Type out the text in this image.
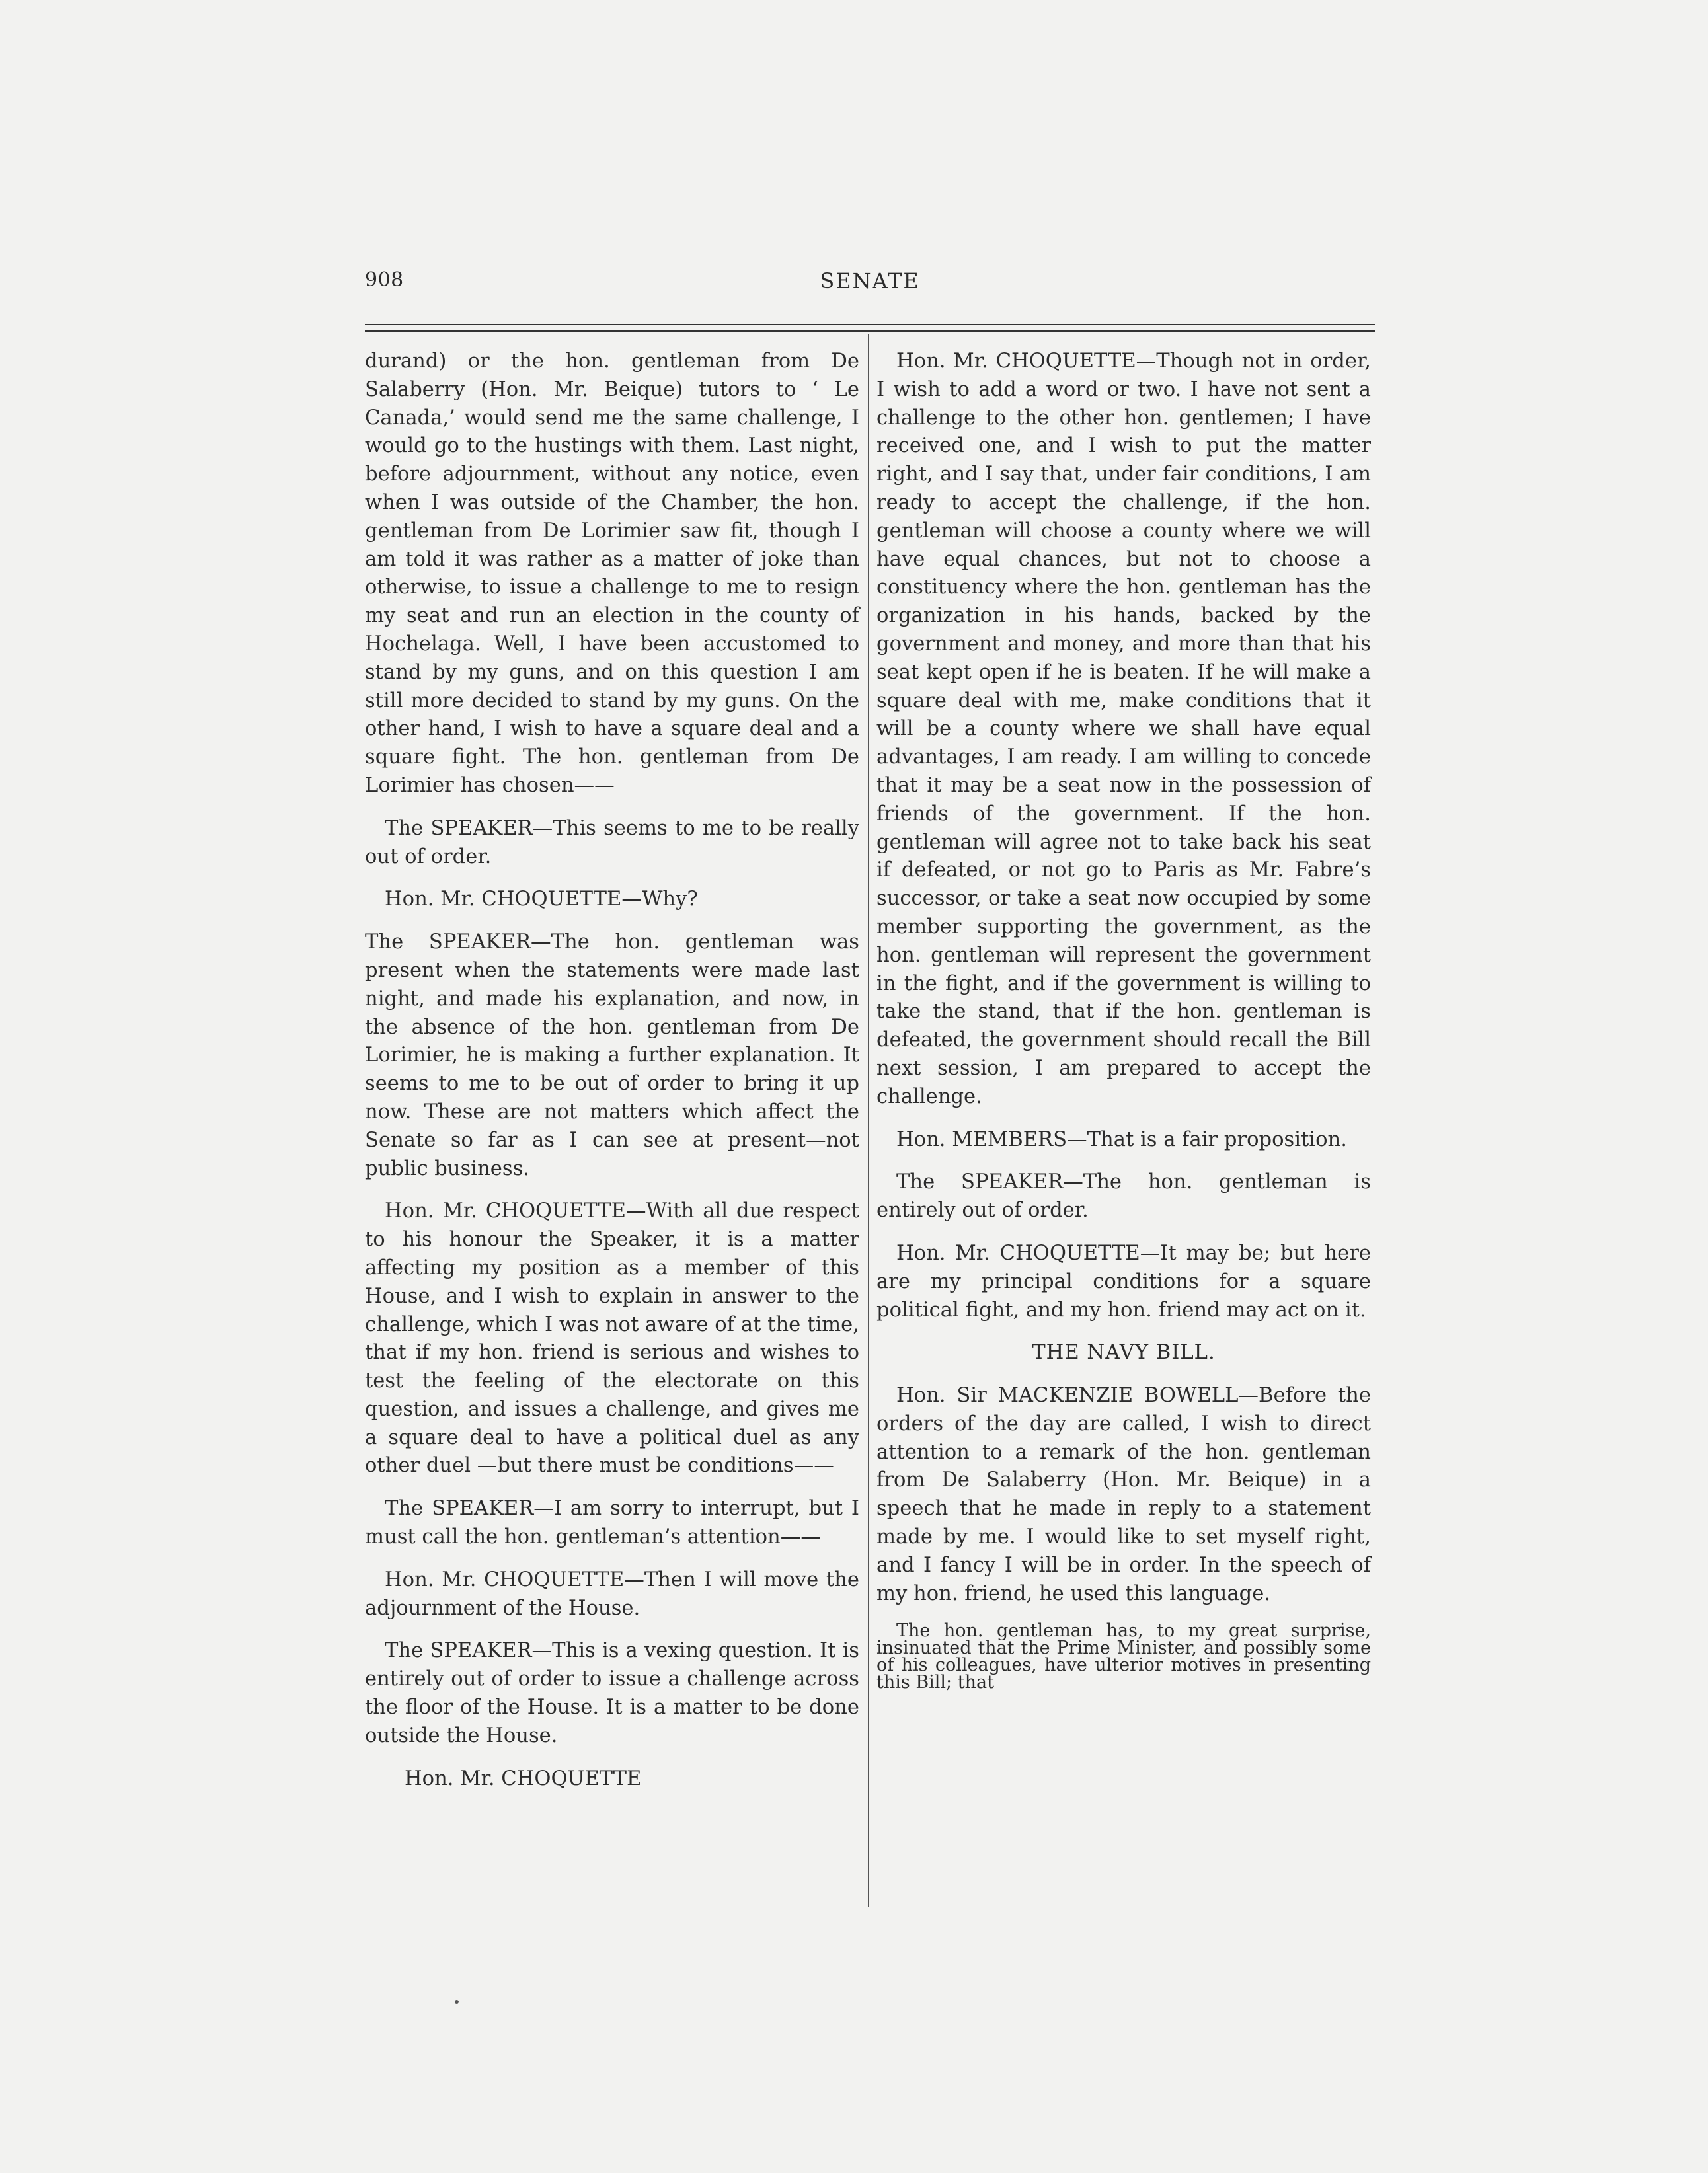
908	SENATE

durand) or the hon. gentleman from De Salaberry (Hon. Mr. Beique) tutors to ‘ Le Canada,’ would send me the same challenge, I would go to the hustings with them. Last night, before adjournment, without any notice, even when I was outside of the Chamber, the hon. gentleman from De Lorimier saw fit, though I am told it was rather as a matter of joke than otherwise, to issue a challenge to me to resign my seat and run an election in the county of Hochelaga. Well, I have been accustomed to stand by my guns, and on this question I am still more decided to stand by my guns. On the other hand, I wish to have a square deal and a square fight. The hon. gentleman from De Lorimier has chosen——

The SPEAKER—This seems to me to be really out of order.

Hon. Mr. CHOQUETTE—Why?

The SPEAKER—The hon. gentleman was present when the statements were made last night, and made his explanation, and now, in the absence of the hon. gentleman from De Lorimier, he is making a further explanation. It seems to me to be out of order to bring it up now. These are not matters which affect the Senate so far as I can see at present—not public business.

Hon. Mr. CHOQUETTE—With all due respect to his honour the Speaker, it is a matter affecting my position as a member of this House, and I wish to explain in answer to the challenge, which I was not aware of at the time, that if my hon. friend is serious and wishes to test the feeling of the electorate on this question, and issues a challenge, and gives me a square deal to have a political duel as any other duel —but there must be conditions——

The SPEAKER—I am sorry to interrupt, but I must call the hon. gentleman’s attention——

Hon. Mr. CHOQUETTE—Then I will move the adjournment of the House.

The SPEAKER—This is a vexing question. It is entirely out of order to issue a challenge across the floor of the House. It is a matter to be done outside the House.

Hon. Mr. CHOQUETTE

Hon. Mr. CHOQUETTE—Though not in order, I wish to add a word or two. I have not sent a challenge to the other hon. gentlemen; I have received one, and I wish to put the matter right, and I say that, under fair conditions, I am ready to accept the challenge, if the hon. gentleman will choose a county where we will have equal chances, but not to choose a constituency where the hon. gentleman has the organization in his hands, backed by the government and money, and more than that his seat kept open if he is beaten. If he will make a square deal with me, make conditions that it will be a county where we shall have equal advantages, I am ready. I am willing to concede that it may be a seat now in the possession of friends of the government. If the hon. gentleman will agree not to take back his seat if defeated, or not go to Paris as Mr. Fabre’s successor, or take a seat now occupied by some member supporting the government, as the hon. gentleman will represent the government in the fight, and if the government is willing to take the stand, that if the hon. gentleman is defeated, the government should recall the Bill next session, I am prepared to accept the challenge.

Hon. MEMBERS—That is a fair proposition.

The SPEAKER—The hon. gentleman is entirely out of order.

Hon. Mr. CHOQUETTE—It may be; but here are my principal conditions for a square political fight, and my hon. friend may act on it.

THE NAVY BILL.

Hon. Sir MACKENZIE BOWELL—Before the orders of the day are called, I wish to direct attention to a remark of the hon. gentleman from De Salaberry (Hon. Mr. Beique) in a speech that he made in reply to a statement made by me. I would like to set myself right, and I fancy I will be in order. In the speech of my hon. friend, he used this language.

The hon. gentleman has, to my great surprise, insinuated that the Prime Minister, and possibly some of his colleagues, have ulterior motives in presenting this Bill; that
